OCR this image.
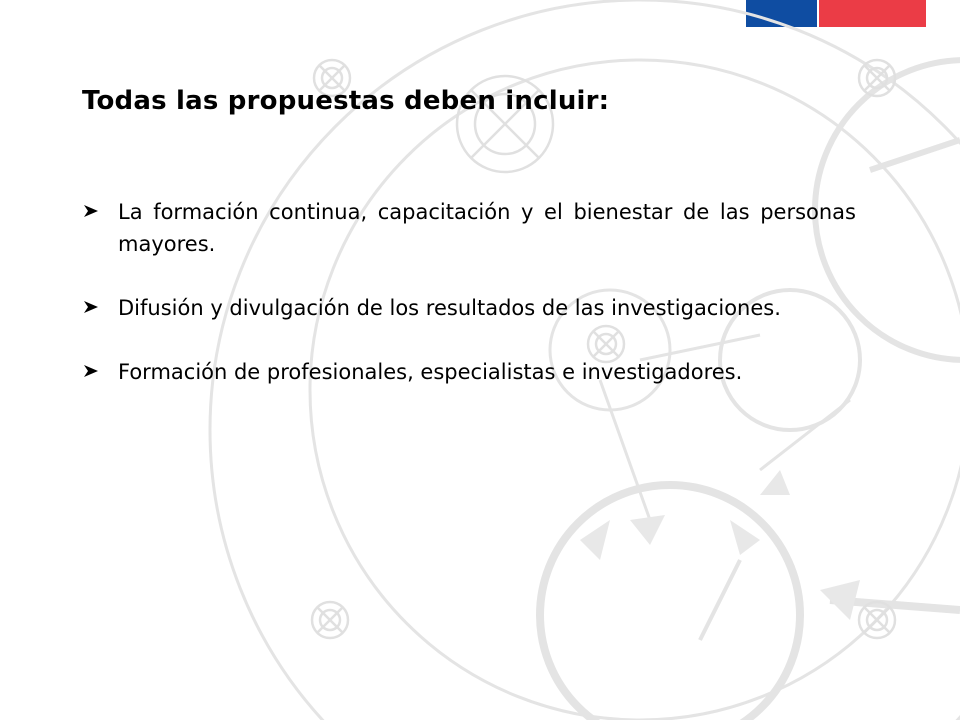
Todas las propuestas deben incluir:
La formación continua, capacitación y el bienestar de las personas mayores.
Difusión y divulgación de los resultados de las investigaciones.
Formación de profesionales, especialistas e investigadores.
